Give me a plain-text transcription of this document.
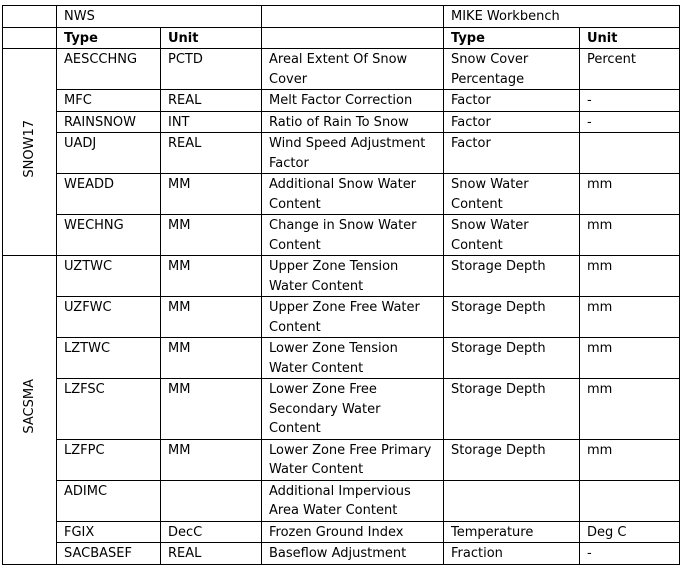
	NWS			MIKE Workbench	
	Type	Unit		Type	Unit
SNOW17	AESCCHNG	PCTD	Areal Extent Of Snow Cover	Snow Cover Percentage	Percent
	MFC	REAL	Melt Factor Correction	Factor	-
	RAINSNOW	INT	Ratio of Rain To Snow	Factor	-
	UADJ	REAL	Wind Speed Adjustment Factor	Factor	
	WEADD	MM	Additional Snow Water Content	Snow Water Content	mm
	WECHNG	MM	Change in Snow Water Content	Snow Water Content	mm
SACSMA	UZTWC	MM	Upper Zone Tension Water Content	Storage Depth	mm
	UZFWC	MM	Upper Zone Free Water Content	Storage Depth	mm
	LZTWC	MM	Lower Zone Tension Water Content	Storage Depth	mm
	LZFSC	MM	Lower Zone Free Secondary Water Content	Storage Depth	mm
	LZFPC	MM	Lower Zone Free Primary Water Content	Storage Depth	mm
	ADIMC		Additional Impervious Area Water Content		
	FGIX	DecC	Frozen Ground Index	Temperature	Deg C
	SACBASEF	REAL	Baseflow Adjustment	Fraction	-
